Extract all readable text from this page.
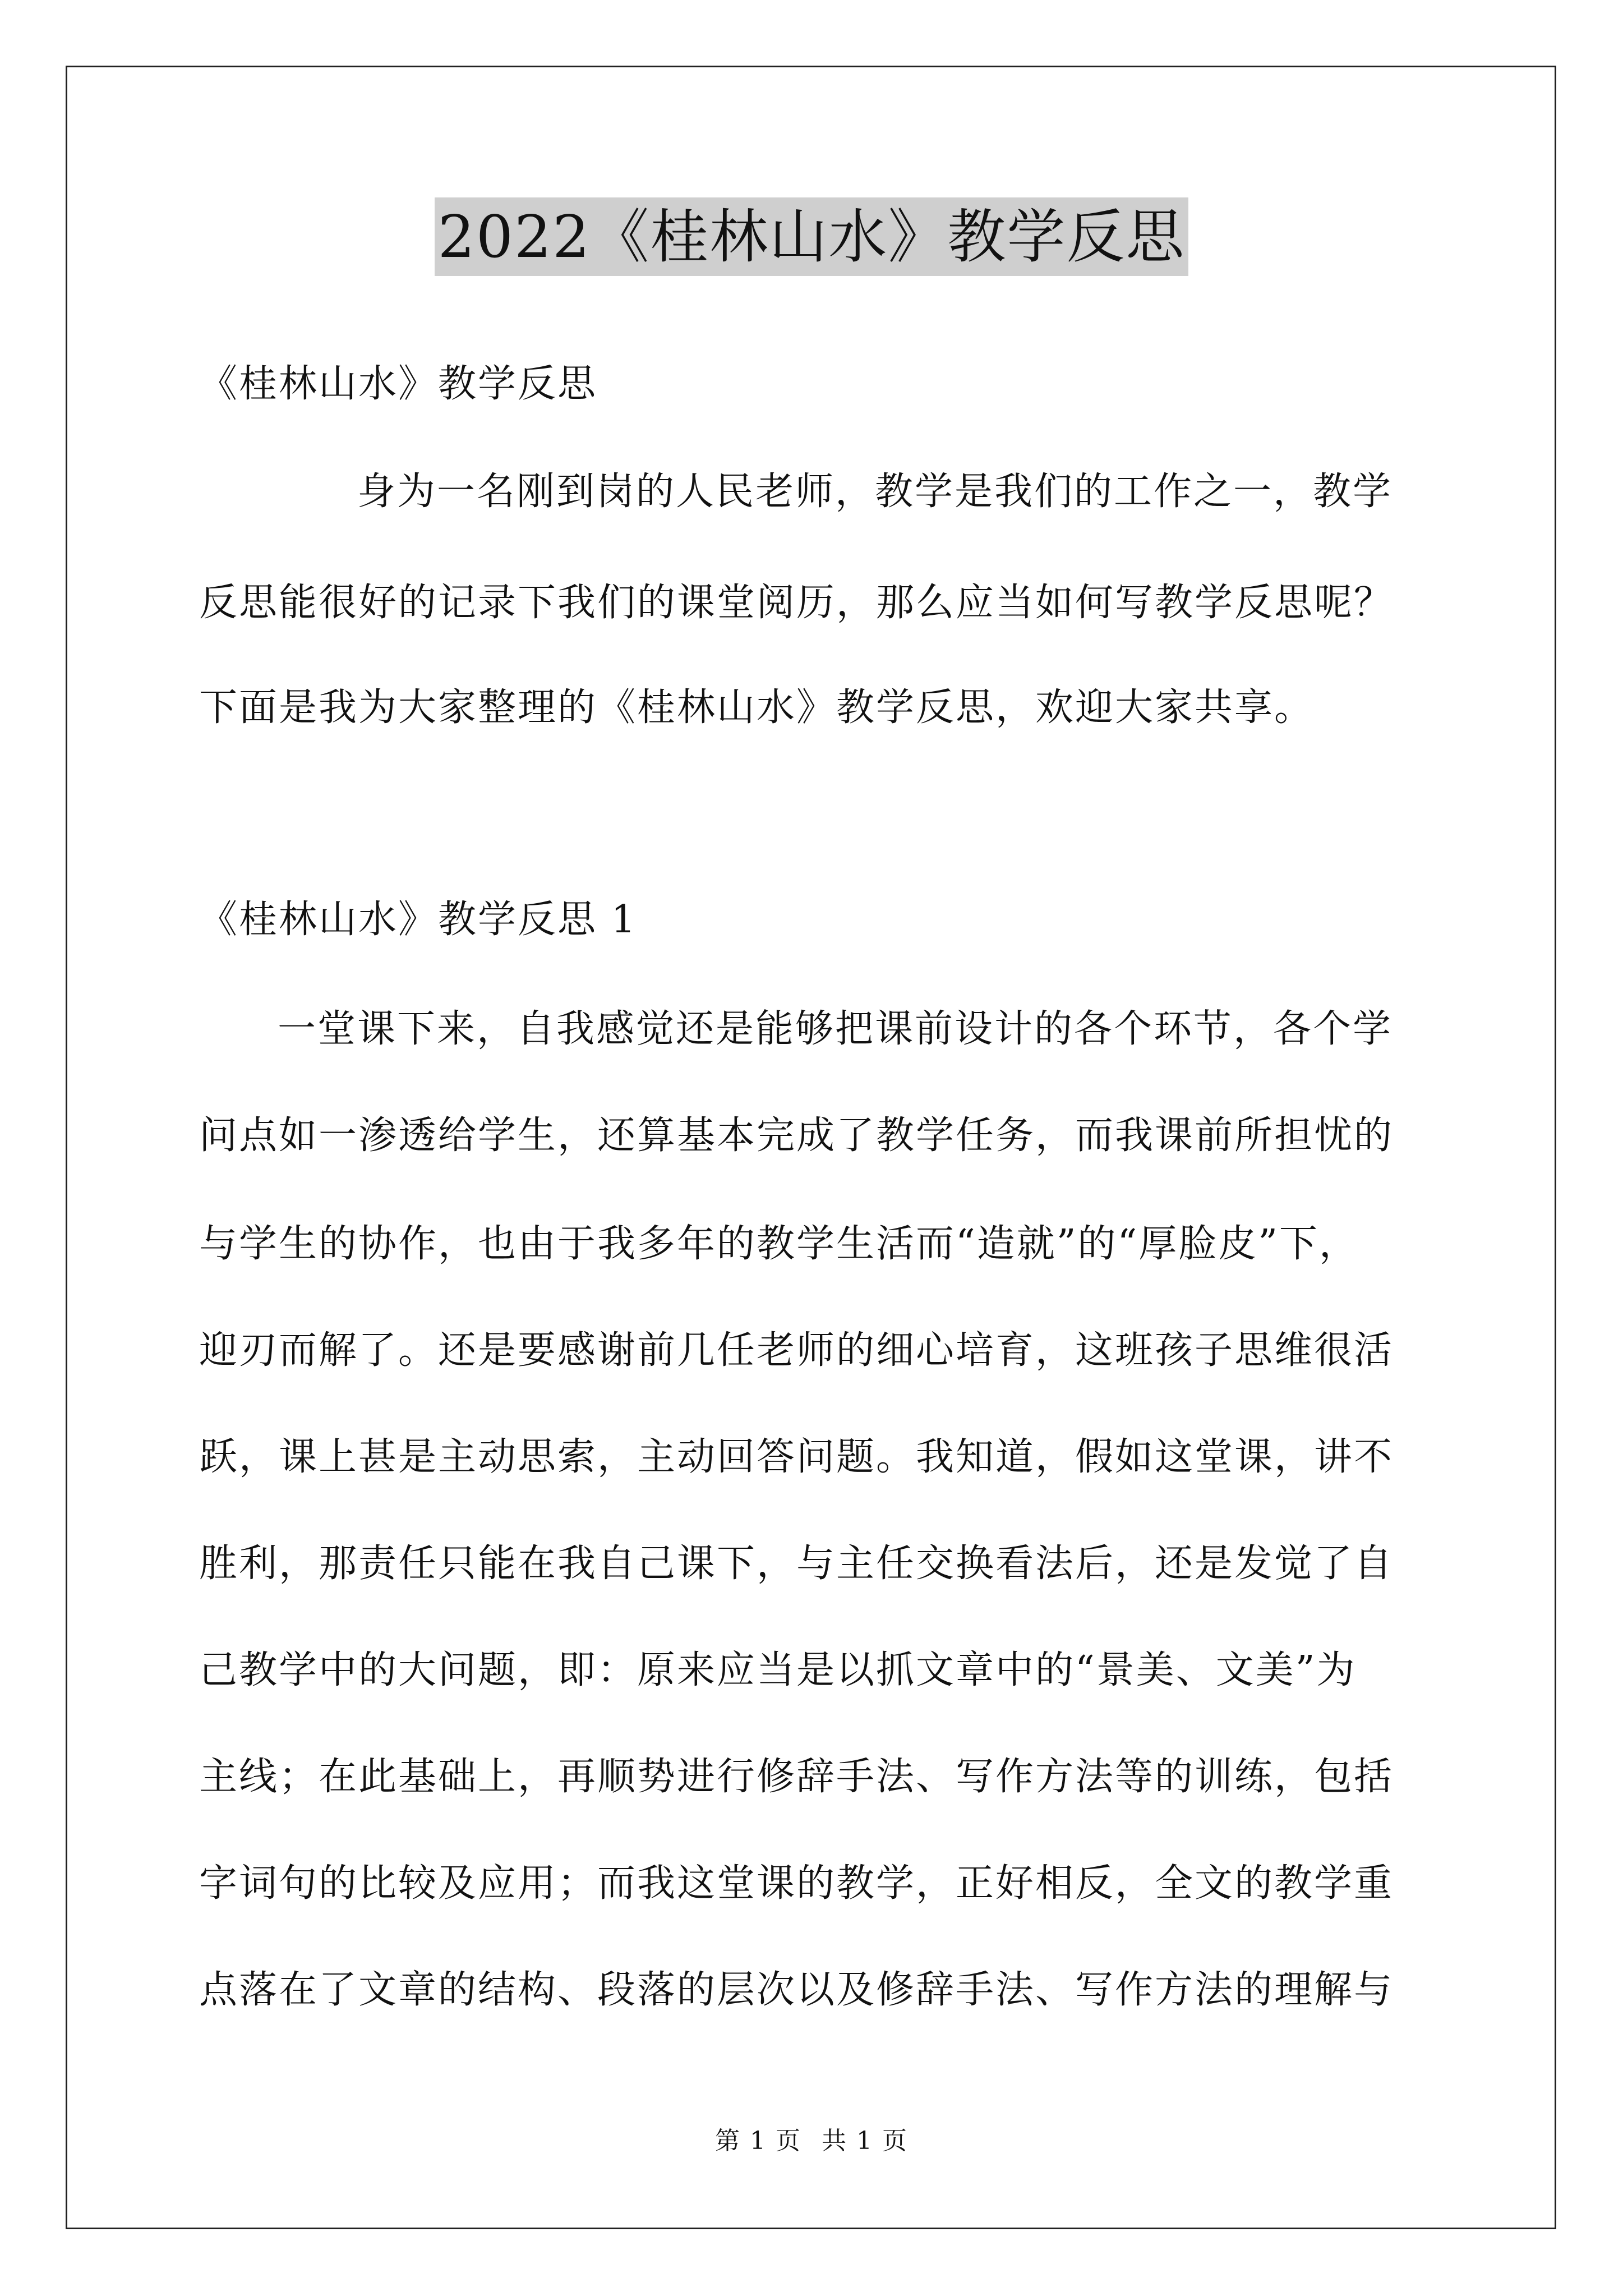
2022《桂林山水》教学反思
《桂林山水》教学反思
身为一名刚到岗的人民老师，教学是我们的工作之一，教学
反思能很好的记录下我们的课堂阅历，那么应当如何写教学反思呢？
下面是我为大家整理的《桂林山水》教学反思，欢迎大家共享。
《桂林山水》教学反思 1
一堂课下来，自我感觉还是能够把课前设计的各个环节，各个学
问点如一渗透给学生，还算基本完成了教学任务，而我课前所担忧的
与学生的协作，也由于我多年的教学生活而“造就”的“厚脸皮”下，
迎刃而解了。还是要感谢前几任老师的细心培育，这班孩子思维很活
跃，课上甚是主动思索，主动回答问题。我知道，假如这堂课，讲不
胜利，那责任只能在我自己课下，与主任交换看法后，还是发觉了自
己教学中的大问题，即：原来应当是以抓文章中的“景美、文美”为
主线；在此基础上，再顺势进行修辞手法、写作方法等的训练，包括
字词句的比较及应用；而我这堂课的教学，正好相反，全文的教学重
点落在了文章的结构、段落的层次以及修辞手法、写作方法的理解与
第 1 页 共 1 页
